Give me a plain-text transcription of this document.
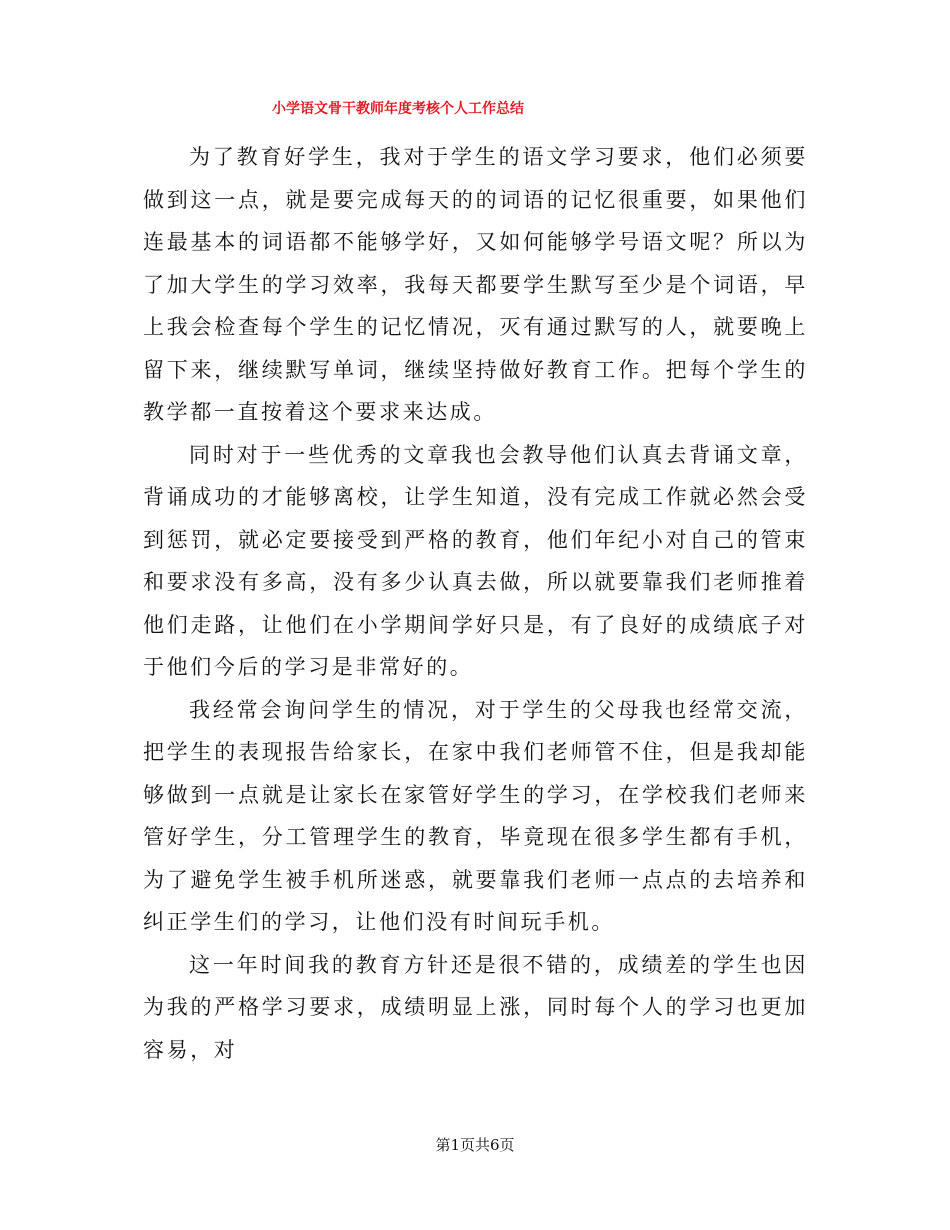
小学语文骨干教师年度考核个人工作总结

为了教育好学生，我对于学生的语文学习要求，他们必须要做到这一点，就是要完成每天的的词语的记忆很重要，如果他们连最基本的词语都不能够学好，又如何能够学号语文呢？所以为了加大学生的学习效率，我每天都要学生默写至少是个词语，早上我会检查每个学生的记忆情况，灭有通过默写的人，就要晚上留下来，继续默写单词，继续坚持做好教育工作。把每个学生的教学都一直按着这个要求来达成。

同时对于一些优秀的文章我也会教导他们认真去背诵文章，背诵成功的才能够离校，让学生知道，没有完成工作就必然会受到惩罚，就必定要接受到严格的教育，他们年纪小对自己的管束和要求没有多高，没有多少认真去做，所以就要靠我们老师推着他们走路，让他们在小学期间学好只是，有了良好的成绩底子对于他们今后的学习是非常好的。

我经常会询问学生的情况，对于学生的父母我也经常交流，把学生的表现报告给家长，在家中我们老师管不住，但是我却能够做到一点就是让家长在家管好学生的学习，在学校我们老师来管好学生，分工管理学生的教育，毕竟现在很多学生都有手机，为了避免学生被手机所迷惑，就要靠我们老师一点点的去培养和纠正学生们的学习，让他们没有时间玩手机。

这一年时间我的教育方针还是很不错的，成绩差的学生也因为我的严格学习要求，成绩明显上涨，同时每个人的学习也更加容易，对

第1页共6页
